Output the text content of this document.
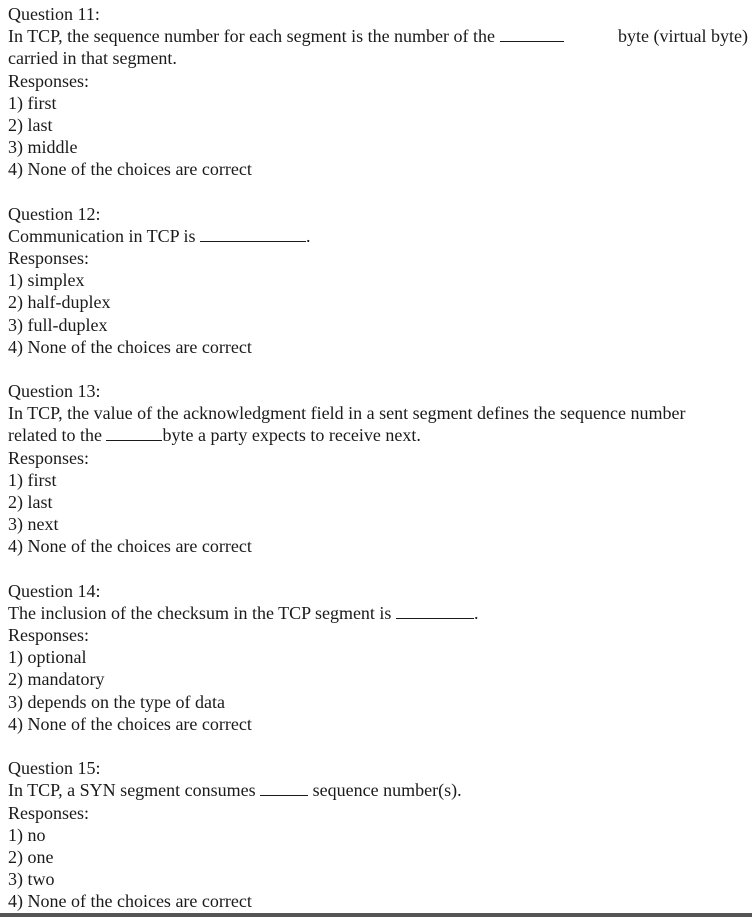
Question 11:
In TCP, the sequence number for each segment is the number of the	byte (virtual byte)
carried in that segment.
Responses:
1) first
2) last
3) middle
4) None of the choices are correct
Question 12:
Communication in TCP is	.
Responses:
1) simplex
2) half-duplex
3) full-duplex
4) None of the choices are correct
Question 13:
In TCP, the value of the acknowledgment field in a sent segment defines the sequence number
related to the	byte a party expects to receive next.
Responses:
1) first
2) last
3) next
4) None of the choices are correct
Question 14:
The inclusion of the checksum in the TCP segment is	.
Responses:
1) optional
2) mandatory
3) depends on the type of data
4) None of the choices are correct
Question 15:
In TCP, a SYN segment consumes	sequence number(s).
Responses:
1) no
2) one
3) two
4) None of the choices are correct
